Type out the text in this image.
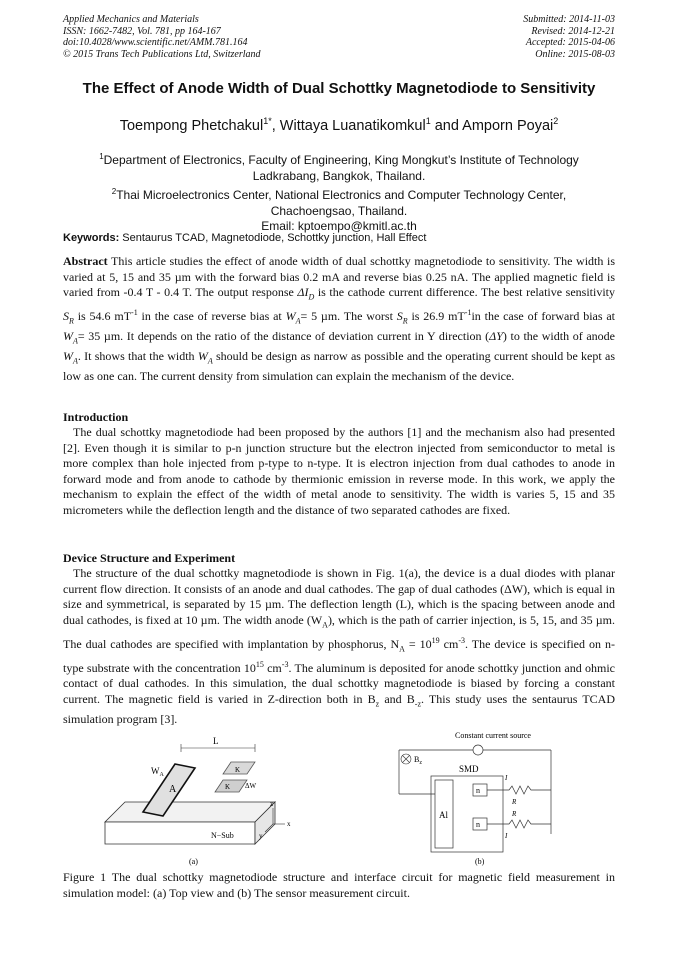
Applied Mechanics and Materials
ISSN: 1662-7482, Vol. 781, pp 164-167
doi:10.4028/www.scientific.net/AMM.781.164
© 2015 Trans Tech Publications Ltd, Switzerland
Submitted: 2014-11-03
Revised: 2014-12-21
Accepted: 2015-04-06
Online: 2015-08-03
The Effect of Anode Width of Dual Schottky Magnetodiode to Sensitivity
Toempong Phetchakul$^{1*}$, Wittaya Luanatikomkul$^1$ and Amporn Poyai$^2$
$^1$Department of Electronics, Faculty of Engineering, King Mongkut’s Institute of Technology
Ladkrabang, Bangkok, Thailand.
$^2$Thai Microelectronics Center, National Electronics and Computer Technology Center,
Chachoengsao, Thailand.
Email: kptoempo@kmitl.ac.th
Keywords: Sentaurus TCAD, Magnetodiode, Schottky junction, Hall Effect
Abstract This article studies the effect of anode width of dual schottky magnetodiode to sensitivity. The width is varied at 5, 15 and 35 µm with the forward bias 0.2 mA and reverse bias 0.25 nA. The applied magnetic field is varied from -0.4 T - 0.4 T. The output response $\Delta I_D$ is the cathode current difference. The best relative sensitivity $S_R$ is 54.6 $mT^{-1}$ in the case of reverse bias at $W_A= 5$ µm. The worst $S_R$ is 26.9 $mT^{-1}in$ the case of forward bias at $W_A= 35$ µm. It depends on the ratio of the distance of deviation current in Y direction (ΔY) to the width of anode $W_A$. It shows that the width $W_A$ should be design as narrow as possible and the operating current should be kept as low as one can. The current density from simulation can explain the mechanism of the device.
Introduction

The dual schottky magnetodiode had been proposed by the authors [1] and the mechanism also had presented [2]. Even though it is similar to p-n junction structure but the electron injected from semiconductor to metal is more complex than hole injected from p-type to n-type. It is electron injection from dual cathodes to anode in forward mode and from anode to cathode by thermionic emission in reverse mode. In this work, we apply the mechanism to explain the effect of the width of metal anode to sensitivity. The width is varies 5, 15 and 35 micrometers while the deflection length and the distance of two separated cathodes are fixed.

Device Structure and Experiment

The structure of the dual schottky magnetodiode is shown in Fig. 1(a), the device is a dual diodes with planar current flow direction. It consists of an anode and dual cathodes. The gap of dual cathodes (ΔW), which is equal in size and symmetrical, is separated by 15 µm. The deflection length (L), which is the spacing between anode and dual cathodes, is fixed at 10 µm. The width anode $(W_A)$, which is the path of carrier injection, is 5, 15, and 35 µm. The dual cathodes are specified with implantation by phosphorus, $N_A = 10^{19}$ $cm^{-3}$. The device is specified on n-type substrate with the concentration $10^{15}$ $cm^{-3}$. The aluminum is deposited for anode schottky junction and ohmic contact of dual cathodes. In this simulation, the dual schottky magnetodiode is biased by forcing a constant current. The magnetic field is varied in Z-direction both in $B_z$ and $B_{-z}$. This study uses the sentaurus TCAD simulation program [3].

L
$W_A$
A
K
K ΔW
N−Sub
z
x
y
(a)
Constant current source
$B_z$
SMD
Al
n
n
I
R
R
I
(b)
Figure 1 The dual schottky magnetodiode structure and interface circuit for magnetic field measurement in simulation model: (a) Top view and (b) The sensor measurement circuit.
